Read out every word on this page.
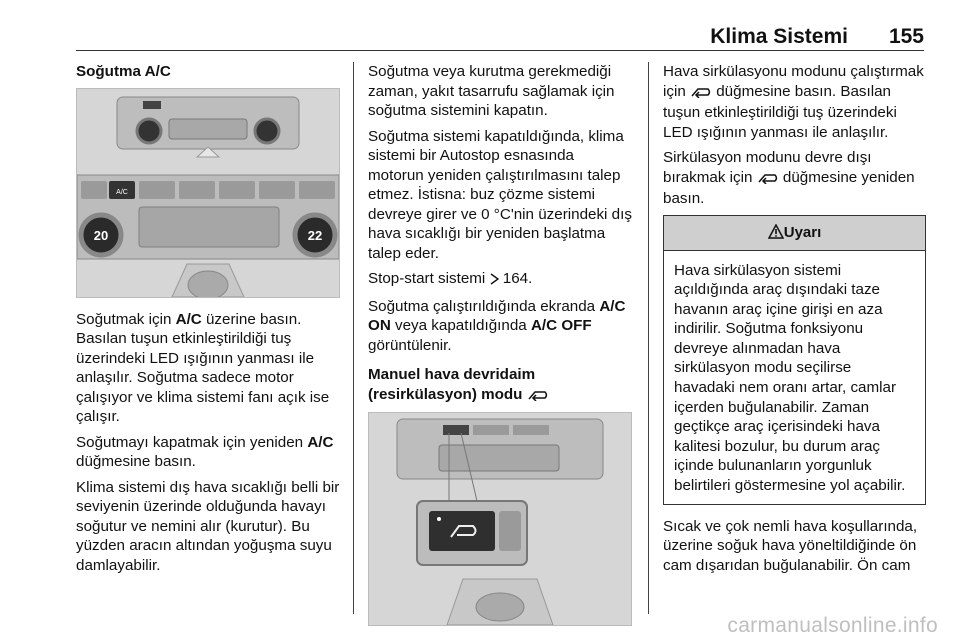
Klima Sistemi 155

Soğutma A/C

A/C
20	22

Soğutmak için A/C üzerine basın. Basılan tuşun etkinleştirildiği tuş üzerindeki LED ışığının yanması ile anlaşılır. Soğutma sadece motor çalışıyor ve klima sistemi fanı açık ise çalışır.

Soğutmayı kapatmak için yeniden A/C düğmesine basın.

Klima sistemi dış hava sıcaklığı belli bir seviyenin üzerinde olduğunda havayı soğutur ve nemini alır (kurutur). Bu yüzden aracın altından yoğuşma suyu damlayabilir.

Soğutma veya kurutma gerekmediği zaman, yakıt tasarrufu sağlamak için soğutma sistemini kapatın.

Soğutma sistemi kapatıldığında, klima sistemi bir Autostop esnasında motorun yeniden çalıştırılmasını talep etmez. İstisna: buz çözme sistemi devreye girer ve 0 °C'nin üzerindeki dış hava sıcaklığı bir yeniden başlatma talep eder.

Stop-start sistemi  164.

Soğutma çalıştırıldığında ekranda A/C ON veya kapatıldığında A/C OFF görüntülenir.

Manuel hava devridaim (resirkülasyon) modu

Hava sirkülasyonu modunu çalıştırmak için  düğmesine basın. Basılan tuşun etkinleştirildiği tuş üzerindeki LED ışığının yanması ile anlaşılır.

Sirkülasyon modunu devre dışı bırakmak için  düğmesine yeniden basın.

Uyarı
Hava sirkülasyon sistemi açıldığında araç dışındaki taze havanın araç içine girişi en aza indirilir. Soğutma fonksiyonu devreye alınmadan hava sirkülasyon modu seçilirse havadaki nem oranı artar, camlar içerden buğulanabilir. Zaman geçtikçe araç içerisindeki hava kalitesi bozulur, bu durum araç içinde bulunanların yorgunluk belirtileri göstermesine yol açabilir.

Sıcak ve çok nemli hava koşullarında, üzerine soğuk hava yöneltildiğinde ön cam dışarıdan buğulanabilir. Ön cam

carmanualsonline.info
